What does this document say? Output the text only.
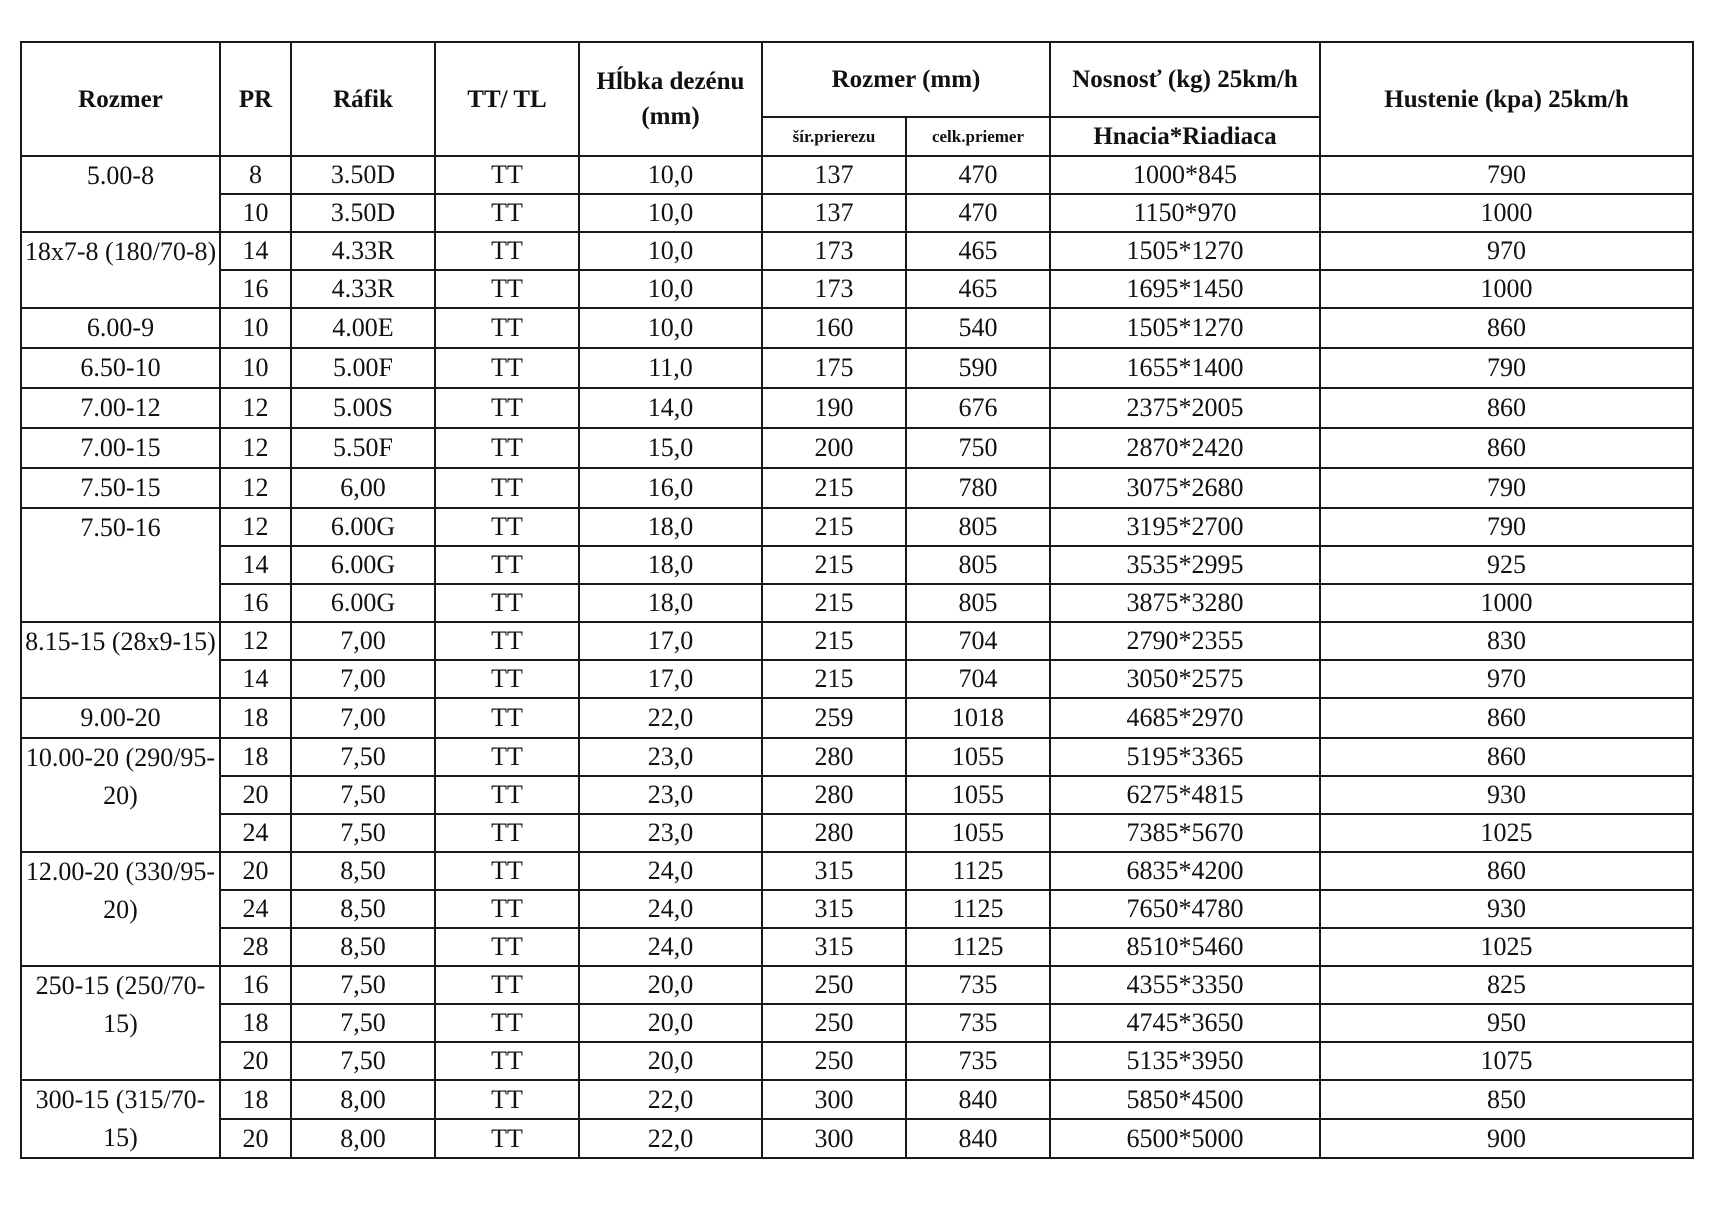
Rozmer	PR	Ráfik	TT/ TL	Hĺbka dezénu (mm)	Rozmer (mm)		Nosnosť (kg) 25km/h	Hustenie (kpa) 25km/h
					šír.prierezu	celk.priemer	Hnacia*Riadiaca	
5.00-8	8	3.50D	TT	10,0	137	470	1000*845	790
	10	3.50D	TT	10,0	137	470	1150*970	1000
18x7-8 (180/70-8)	14	4.33R	TT	10,0	173	465	1505*1270	970
	16	4.33R	TT	10,0	173	465	1695*1450	1000
6.00-9	10	4.00E	TT	10,0	160	540	1505*1270	860
6.50-10	10	5.00F	TT	11,0	175	590	1655*1400	790
7.00-12	12	5.00S	TT	14,0	190	676	2375*2005	860
7.00-15	12	5.50F	TT	15,0	200	750	2870*2420	860
7.50-15	12	6,00	TT	16,0	215	780	3075*2680	790
7.50-16	12	6.00G	TT	18,0	215	805	3195*2700	790
	14	6.00G	TT	18,0	215	805	3535*2995	925
	16	6.00G	TT	18,0	215	805	3875*3280	1000
8.15-15 (28x9-15)	12	7,00	TT	17,0	215	704	2790*2355	830
	14	7,00	TT	17,0	215	704	3050*2575	970
9.00-20	18	7,00	TT	22,0	259	1018	4685*2970	860
10.00-20 (290/95-20)	18	7,50	TT	23,0	280	1055	5195*3365	860
	20	7,50	TT	23,0	280	1055	6275*4815	930
	24	7,50	TT	23,0	280	1055	7385*5670	1025
12.00-20 (330/95-20)	20	8,50	TT	24,0	315	1125	6835*4200	860
	24	8,50	TT	24,0	315	1125	7650*4780	930
	28	8,50	TT	24,0	315	1125	8510*5460	1025
250-15 (250/70-15)	16	7,50	TT	20,0	250	735	4355*3350	825
	18	7,50	TT	20,0	250	735	4745*3650	950
	20	7,50	TT	20,0	250	735	5135*3950	1075
300-15 (315/70-15)	18	8,00	TT	22,0	300	840	5850*4500	850
	20	8,00	TT	22,0	300	840	6500*5000	900
